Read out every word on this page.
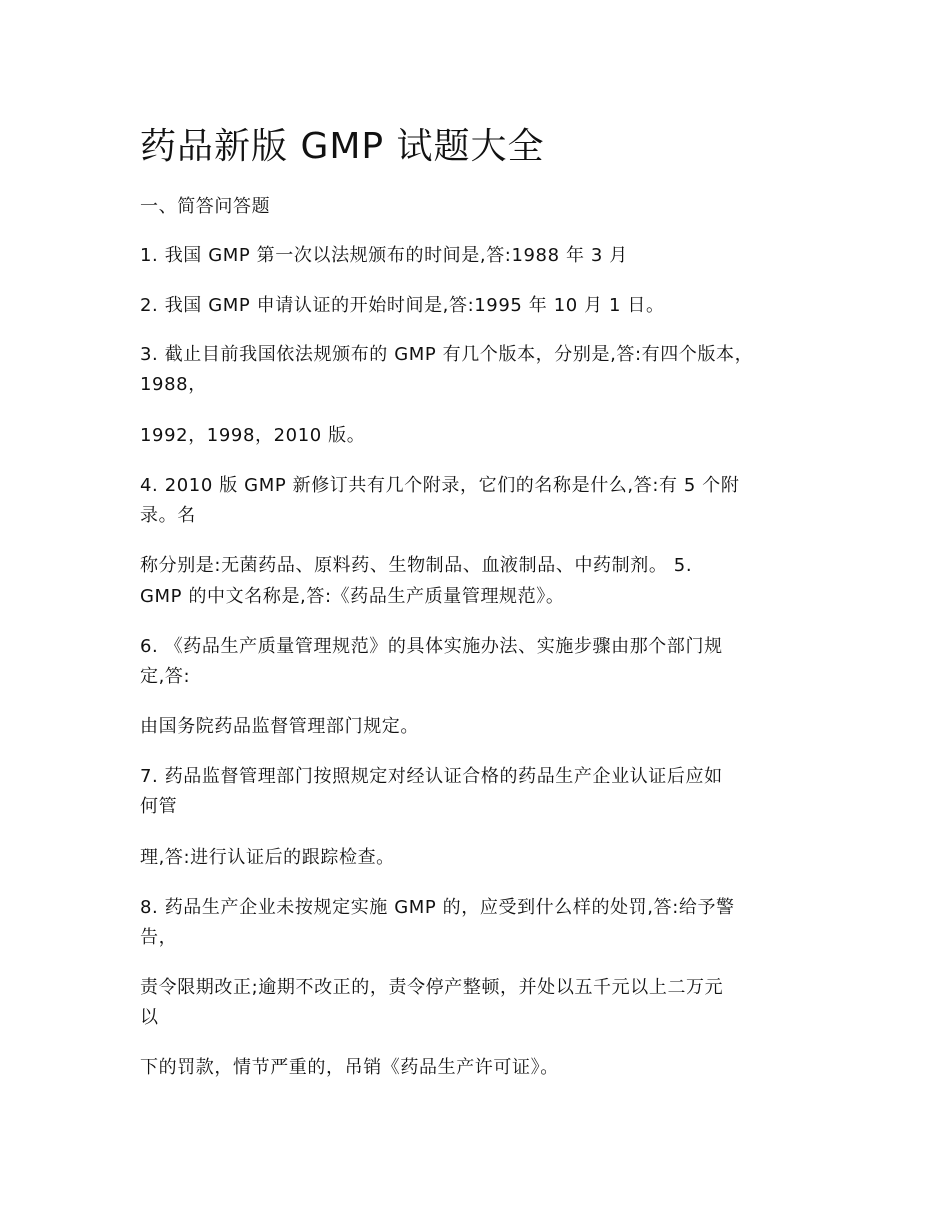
药品新版 GMP 试题大全

一、简答问答题

1. 我国 GMP 第一次以法规颁布的时间是,答:1988 年 3 月

2. 我国 GMP 申请认证的开始时间是,答:1995 年 10 月 1 日。

3. 截止目前我国依法规颁布的 GMP 有几个版本，分别是,答:有四个版本，

1988，

1992，1998，2010 版。

4. 2010 版 GMP 新修订共有几个附录，它们的名称是什么,答:有 5 个附

录。名

称分别是:无菌药品、原料药、生物制品、血液制品、中药制剂。 5.

GMP 的中文名称是,答:《药品生产质量管理规范》。

6. 《药品生产质量管理规范》的具体实施办法、实施步骤由那个部门规

定,答:

由国务院药品监督管理部门规定。

7. 药品监督管理部门按照规定对经认证合格的药品生产企业认证后应如

何管

理,答:进行认证后的跟踪检查。

8. 药品生产企业未按规定实施 GMP 的，应受到什么样的处罚,答:给予警

告，

责令限期改正;逾期不改正的，责令停产整顿，并处以五千元以上二万元

以

下的罚款，情节严重的，吊销《药品生产许可证》。
